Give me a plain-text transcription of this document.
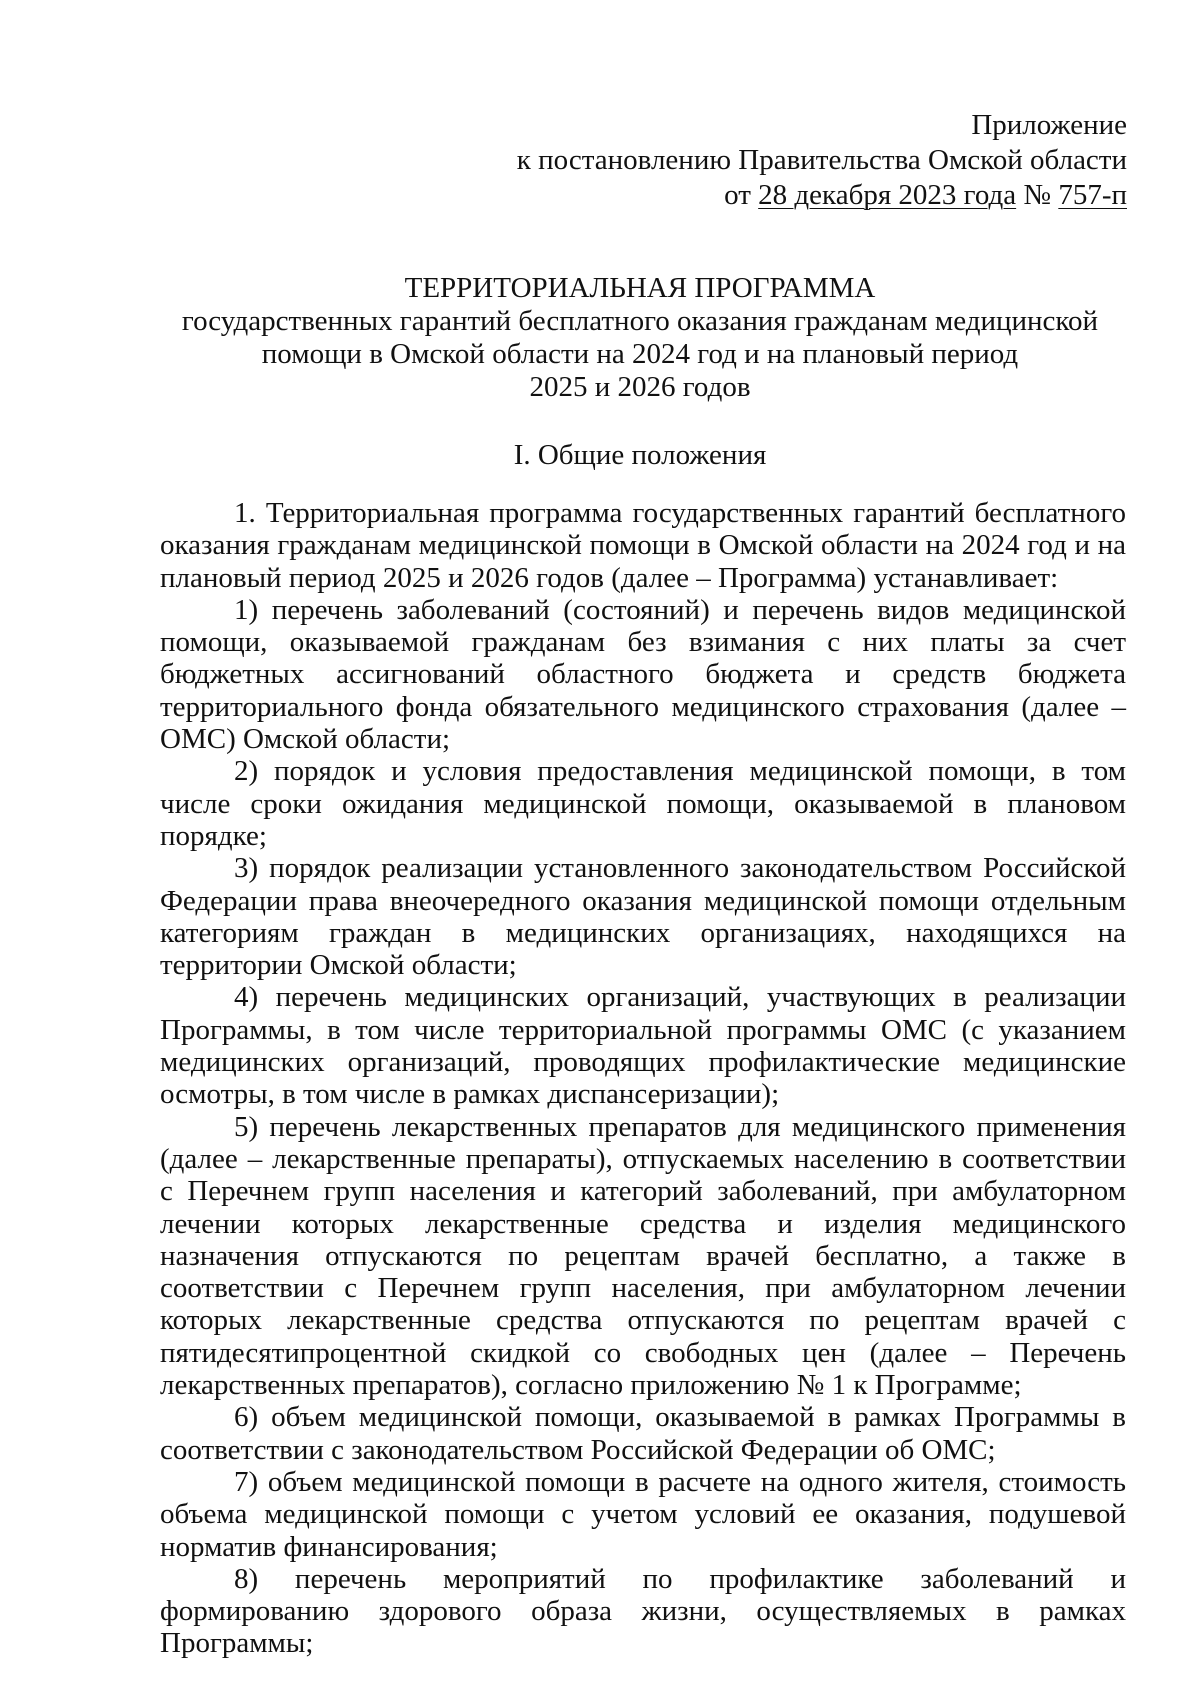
Приложение
к постановлению Правительства Омской области
от 28 декабря 2023 года № 757-п
ТЕРРИТОРИАЛЬНАЯ ПРОГРАММА
государственных гарантий бесплатного оказания гражданам медицинской
помощи в Омской области на 2024 год и на плановый период
2025 и 2026 годов
I. Общие положения

1. Территориальная программа государственных гарантий бесплатного оказания гражданам медицинской помощи в Омской области на 2024 год и на плановый период 2025 и 2026 годов (далее – Программа) устанавливает:

1) перечень заболеваний (состояний) и перечень видов медицинской помощи, оказываемой гражданам без взимания с них платы за счет бюджетных ассигнований областного бюджета и средств бюджета территориального фонда обязательного медицинского страхования (далее – ОМС) Омской области;

2) порядок и условия предоставления медицинской помощи, в том числе сроки ожидания медицинской помощи, оказываемой в плановом порядке;

3) порядок реализации установленного законодательством Российской Федерации права внеочередного оказания медицинской помощи отдельным категориям граждан в медицинских организациях, находящихся на территории Омской области;

4) перечень медицинских организаций, участвующих в реализации Программы, в том числе территориальной программы ОМС (с указанием медицинских организаций, проводящих профилактические медицинские осмотры, в том числе в рамках диспансеризации);

5) перечень лекарственных препаратов для медицинского применения (далее – лекарственные препараты), отпускаемых населению в соответствии с Перечнем групп населения и категорий заболеваний, при амбулаторном лечении которых лекарственные средства и изделия медицинского назначения отпускаются по рецептам врачей бесплатно, а также в соответствии с Перечнем групп населения, при амбулаторном лечении которых лекарственные средства отпускаются по рецептам врачей с пятидесятипроцентной скидкой со свободных цен (далее – Перечень лекарственных препаратов), согласно приложению № 1 к Программе;

6) объем медицинской помощи, оказываемой в рамках Программы в соответствии с законодательством Российской Федерации об ОМС;

7) объем медицинской помощи в расчете на одного жителя, стоимость объема медицинской помощи с учетом условий ее оказания, подушевой норматив финансирования;

8) перечень мероприятий по профилактике заболеваний и формированию здорового образа жизни, осуществляемых в рамках Программы;
